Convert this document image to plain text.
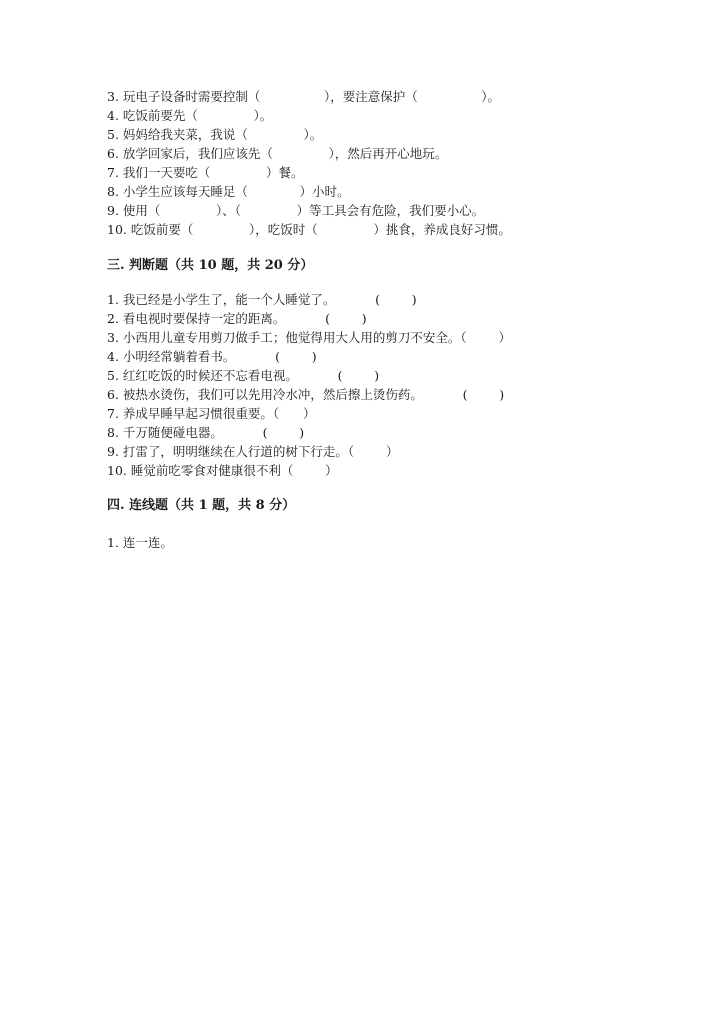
3. 玩电子设备时需要控制（                ），要注意保护（                ）。
4. 吃饭前要先（              ）。
5. 妈妈给我夹菜，我说（              ）。
6. 放学回家后，我们应该先（              ），然后再开心地玩。
7. 我们一天要吃（              ）餐。
8. 小学生应该每天睡足（             ）小时。
9. 使用（              ）、（              ）等工具会有危险，我们要小心。
10. 吃饭前要（              ），吃饭时（              ）挑食，养成良好习惯。
三. 判断题（共 10 题，共 20 分）
1. 我已经是小学生了，能一个人睡觉了。          (        )
2. 看电视时要保持一定的距离。          (        )
3. 小西用儿童专用剪刀做手工；他觉得用大人用的剪刀不安全。（        ）
4. 小明经常躺着看书。          (        )
5. 红红吃饭的时候还不忘看电视。          (        )
6. 被热水烫伤，我们可以先用冷水冲，然后擦上烫伤药。          (        )
7. 养成早睡早起习惯很重要。（      ）
8. 千万随便碰电器。          (        )
9. 打雷了，明明继续在人行道的树下行走。（        ）
10. 睡觉前吃零食对健康很不利（        ）
四. 连线题（共 1 题，共 8 分）
1. 连一连。
